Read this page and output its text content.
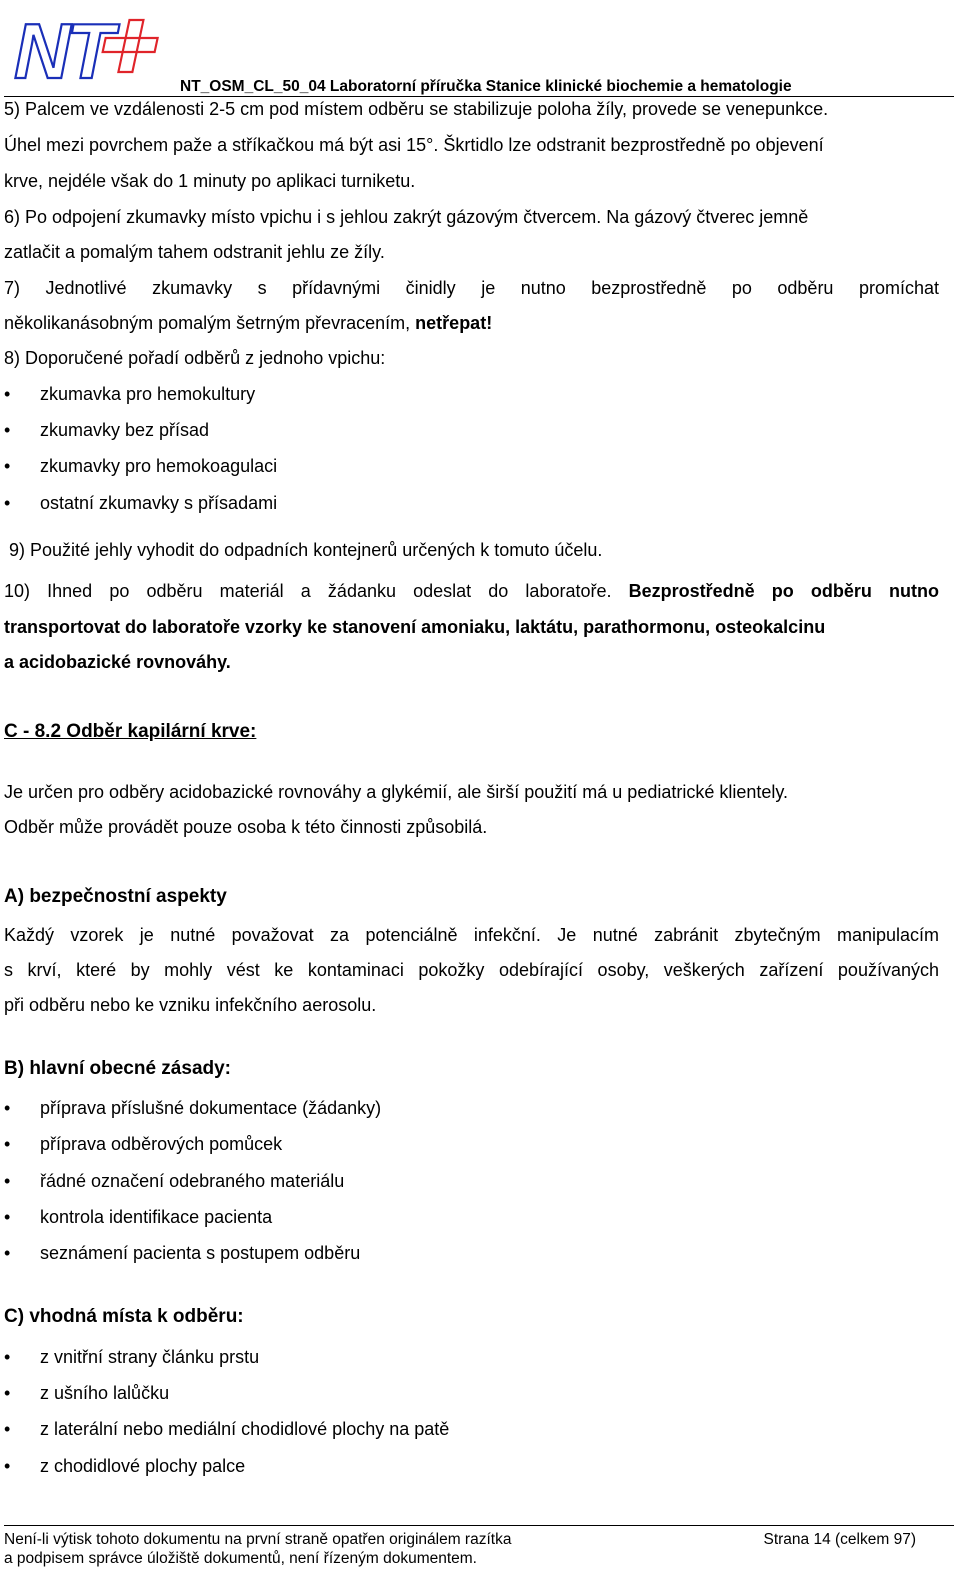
NT	NT_OSM_CL_50_04 Laboratorní příručka Stanice klinické biochemie a hematologie
5) Palcem ve vzdálenosti 2-5 cm pod místem odběru se stabilizuje poloha žíly, provede se venepunkce.
Úhel mezi povrchem paže a stříkačkou má být asi 15°. Škrtidlo lze odstranit bezprostředně po objevení
krve, nejdéle však do 1 minuty po aplikaci turniketu.
6) Po odpojení zkumavky místo vpichu i s jehlou zakrýt gázovým čtvercem. Na gázový čtverec jemně
zatlačit a pomalým tahem odstranit jehlu ze žíly.
7) Jednotlivé zkumavky s přídavnými činidly je nutno bezprostředně po odběru promíchat
několikanásobným pomalým šetrným převracením, netřepat!
8) Doporučené pořadí odběrů z jednoho vpichu:
• zkumavka pro hemokultury
• zkumavky bez přísad
• zkumavky pro hemokoagulaci
• ostatní zkumavky s přísadami
9) Použité jehly vyhodit do odpadních kontejnerů určených k tomuto účelu.
10) Ihned po odběru materiál a žádanku odeslat do laboratoře. Bezprostředně po odběru nutno
transportovat do laboratoře vzorky ke stanovení amoniaku, laktátu, parathormonu, osteokalcinu
a acidobazické rovnováhy.
C - 8.2 Odběr kapilární krve:
Je určen pro odběry acidobazické rovnováhy a glykémií, ale širší použití má u pediatrické klientely.
Odběr může provádět pouze osoba k této činnosti způsobilá.
A) bezpečnostní aspekty
Každý vzorek je nutné považovat za potenciálně infekční. Je nutné zabránit zbytečným manipulacím
s krví, které by mohly vést ke kontaminaci pokožky odebírající osoby, veškerých zařízení používaných
při odběru nebo ke vzniku infekčního aerosolu.
B) hlavní obecné zásady:
• příprava příslušné dokumentace (žádanky)
• příprava odběrových pomůcek
• řádné označení odebraného materiálu
• kontrola identifikace pacienta
• seznámení pacienta s postupem odběru
C) vhodná místa k odběru:
• z vnitřní strany článku prstu
• z ušního lalůčku
• z laterální nebo mediální chodidlové plochy na patě
• z chodidlové plochy palce
Není-li výtisk tohoto dokumentu na první straně opatřen originálem razítka
a podpisem správce úložiště dokumentů, není řízeným dokumentem.
Strana 14 (celkem 97)
